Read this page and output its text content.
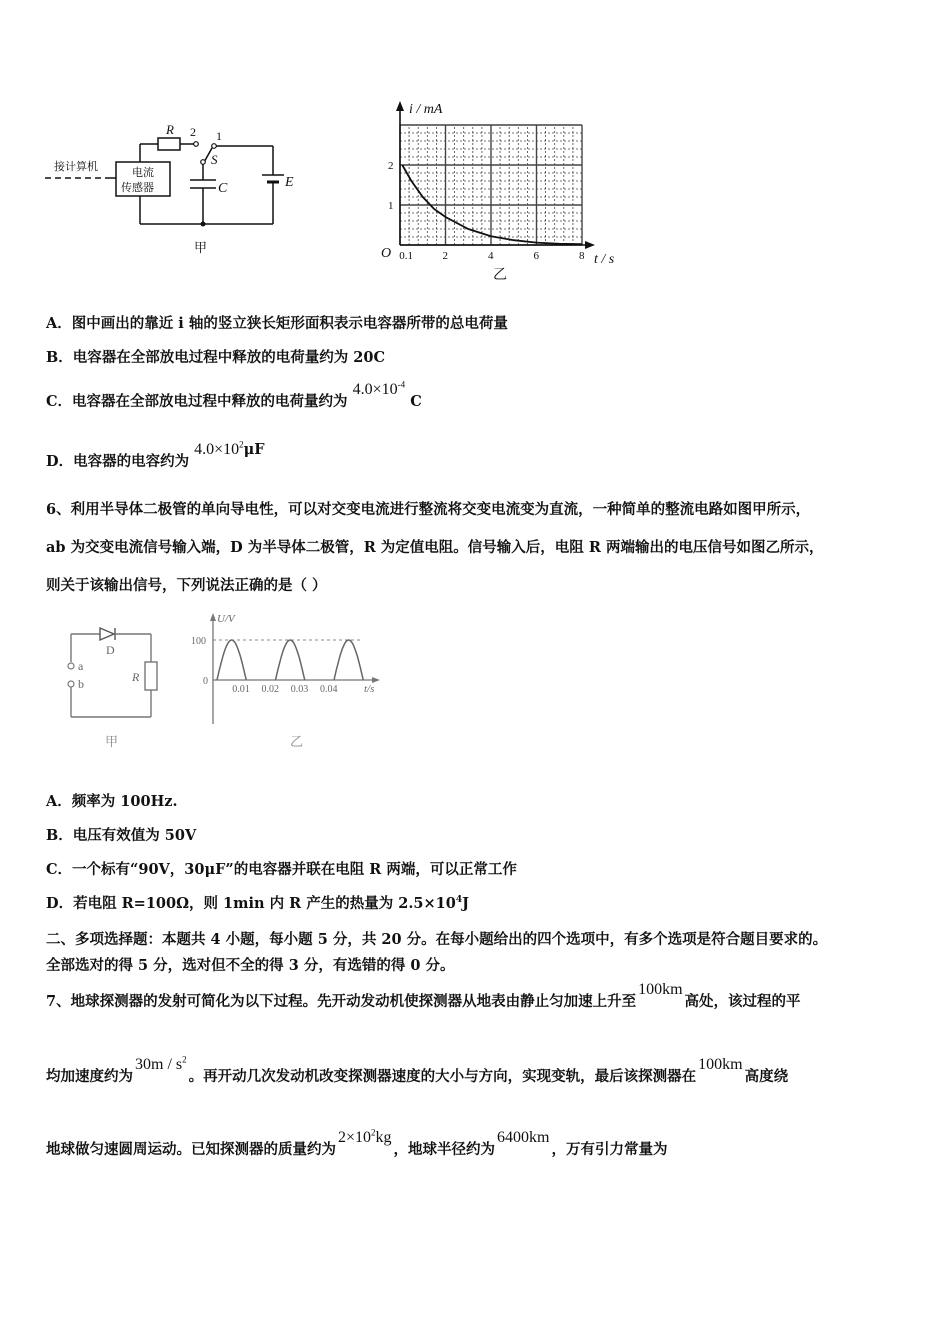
接计算机	电流
传感器
R 2 1
S
C	E
甲
i / mA
t / s
O 0.1	2	4	6	8
1
2
乙
A．图中画出的靠近 i 轴的竖立狭长矩形面积表示电容器所带的总电荷量
B．电容器在全部放电过程中释放的电荷量约为 20C
C．电容器在全部放电过程中释放的电荷量约为 $4.0\times 10^{-4}$ C
D．电容器的电容约为 $4.0\times 10^2\mu F$
6、利用半导体二极管的单向导电性，可以对交变电流进行整流将交变电流变为直流，一种简单的整流电路如图甲所示，
ab 为交变电流信号输入端，D 为半导体二极管，R 为定值电阻。信号输入后，电阻 R 两端输出的电压信号如图乙所示，
则关于该输出信号，下列说法正确的是（ ）
D
a
b	R
甲
U/V
t/s
0.01 0.02 0.03 0.04
0
100
乙
A．频率为 100Hz.
B．电压有效值为 50V
C．一个标有“90V，30μF”的电容器并联在电阻 R 两端，可以正常工作
D．若电阻 R=100Ω，则 1min 内 R 产生的热量为 $2.5\times 10^4J$
二、多项选择题：本题共 4 小题，每小题 5 分，共 20 分。在每小题给出的四个选项中，有多个选项是符合题目要求的。
全部选对的得 5 分，选对但不全的得 3 分，有选错的得 0 分。
7、地球探测器的发射可简化为以下过程。先开动发动机使探测器从地表由静止匀加速上升至100km高处，该过程的平
均加速度约为$30m / s^2$。再开动几次发动机改变探测器速度的大小与方向，实现变轨，最后该探测器在100km高度绕
地球做匀速圆周运动。已知探测器的质量约为$2\times 10^2kg$，地球半径约为6400km，万有引力常量为
